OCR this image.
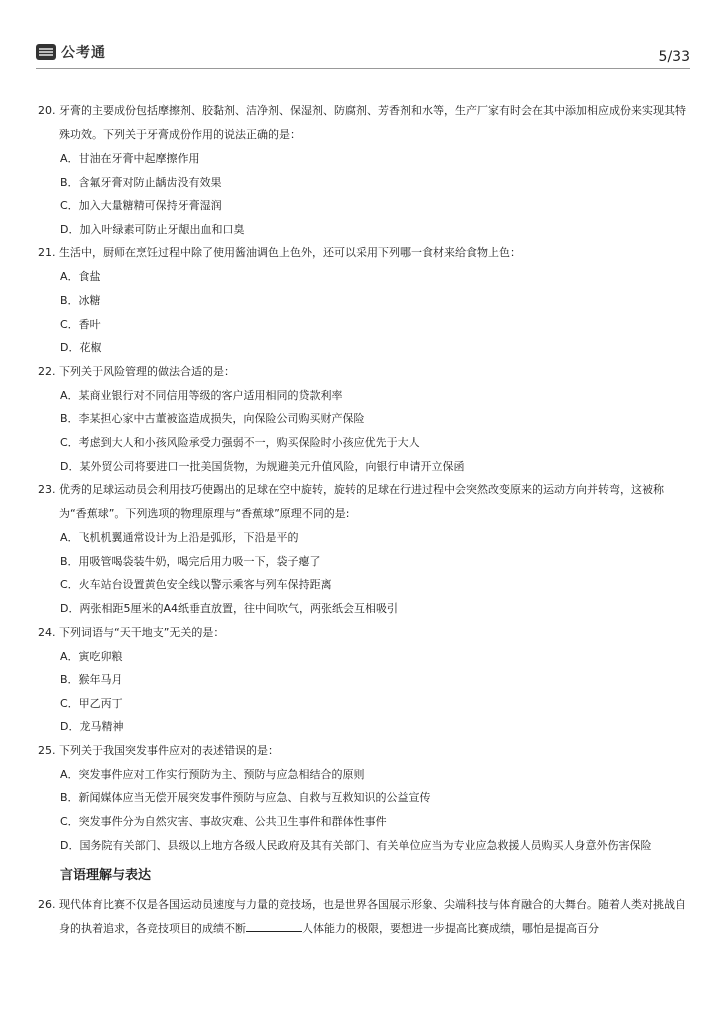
公考通	5/33
20. 牙膏的主要成份包括摩擦剂、胶黏剂、洁净剂、保湿剂、防腐剂、芳香剂和水等，生产厂家有时会在其中添加相应成份来实现其特殊功效。下列关于牙膏成份作用的说法正确的是：
A．甘油在牙膏中起摩擦作用
B．含氟牙膏对防止龋齿没有效果
C．加入大量糖精可保持牙膏湿润
D．加入叶绿素可防止牙龈出血和口臭
21. 生活中，厨师在烹饪过程中除了使用酱油调色上色外，还可以采用下列哪一食材来给食物上色：
A．食盐
B．冰糖
C．香叶
D．花椒
22. 下列关于风险管理的做法合适的是：
A．某商业银行对不同信用等级的客户适用相同的贷款利率
B．李某担心家中古董被盗造成损失，向保险公司购买财产保险
C．考虑到大人和小孩风险承受力强弱不一，购买保险时小孩应优先于大人
D．某外贸公司将要进口一批美国货物，为规避美元升值风险，向银行申请开立保函
23. 优秀的足球运动员会利用技巧使踢出的足球在空中旋转，旋转的足球在行进过程中会突然改变原来的运动方向并转弯，这被称为“香蕉球”。下列选项的物理原理与“香蕉球”原理不同的是:
A．飞机机翼通常设计为上沿是弧形，下沿是平的
B．用吸管喝袋装牛奶，喝完后用力吸一下，袋子瘪了
C．火车站台设置黄色安全线以警示乘客与列车保持距离
D．两张相距5厘米的A4纸垂直放置，往中间吹气，两张纸会互相吸引
24. 下列词语与“天干地支”无关的是：
A．寅吃卯粮
B．猴年马月
C．甲乙丙丁
D．龙马精神
25. 下列关于我国突发事件应对的表述错误的是：
A．突发事件应对工作实行预防为主、预防与应急相结合的原则
B．新闻媒体应当无偿开展突发事件预防与应急、自救与互救知识的公益宣传
C．突发事件分为自然灾害、事故灾难、公共卫生事件和群体性事件
D．国务院有关部门、县级以上地方各级人民政府及其有关部门、有关单位应当为专业应急救援人员购买人身意外伤害保险
言语理解与表达
26. 现代体育比赛不仅是各国运动员速度与力量的竞技场，也是世界各国展示形象、尖端科技与体育融合的大舞台。随着人类对挑战自身的执着追求，各竞技项目的成绩不断	人体能力的极限，要想进一步提高比赛成绩，哪怕是提高百分
